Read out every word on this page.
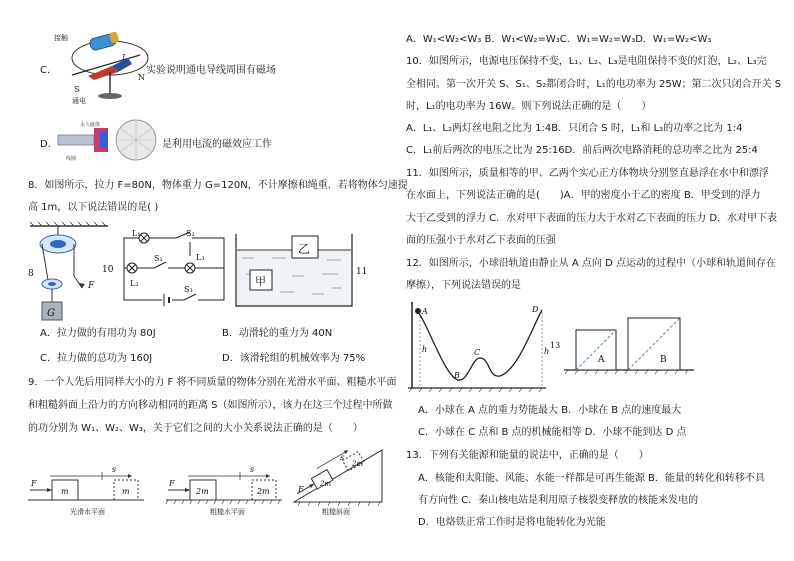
接触
I
S
通电
N
C．	实验说明通电导线周围有磁场
永久磁体
线圈
D．	是利用电流的磁效应工作
8．如图所示，拉力 F=80N，物体重力 G=120N，不计摩擦和绳重．若将物体匀速提
高 1m，以下说法错误的是( )
G
F
8
L₁	S₂
S₁	L₃
L₂
S₃
10
乙
甲
11
A．拉力做的有用功为 80J	B．动滑轮的重力为 40N
C．拉力做的总功为 160J	D．该滑轮组的机械效率为 75%
9．一个人先后用同样大小的力 F 将不同质量的物体分别在光滑水平面、粗糙水平面
和粗糙斜面上沿力的方向移动相同的距离 S（如图所示），该力在这三个过程中所做
的功分别为 W₁、W₂、W₃，关于它们之间的大小关系说法正确的是（　　）
F
s
m	m
光滑水平面
F
s
2m	2m
粗糙水平面
F
s
2m
2m
粗糙斜面
A．W₁<W₂<W₃ B．W₁<W₂=W₃C．W₁=W₂=W₃D．W₁=W₂<W₃
10．如图所示，电源电压保持不变，L₁、L₂、L₃是电阻保持不变的灯泡，L₂、L₃完
全相同。第一次开关 S、S₁、S₂都闭合时，L₁的电功率为 25W；第二次只闭合开关 S
时，L₁的电功率为 16W。则下列说法正确的是（　　）
A．L₁、L₂两灯丝电阻之比为 1:4B．只闭合 S 时，L₁和 L₃的功率之比为 1:4
C．L₁前后两次的电压之比为 25:16D．前后两次电路消耗的总功率之比为 25:4
11．如图所示，质量相等的甲、乙两个实心正方体物块分别竖直悬浮在水中和漂浮
在水面上，下列说法正确的是(　　)A．甲的密度小于乙的密度 B．甲受到的浮力
大于乙受到的浮力 C．水对甲下表面的压力大于水对乙下表面的压力 D．水对甲下表
面的压强小于水对乙下表面的压强
12．如图所示，小球沿轨道由静止从 A 点向 D 点运动的过程中（小球和轨道间存在
摩擦），下列说法错误的是
A
B
C
D
h	h
13
A	B
A．小球在 A 点的重力势能最大 B．小球在 B 点的速度最大
C．小球在 C 点和 B 点的机械能相等 D．小球不能到达 D 点
13．下列有关能源和能量的说法中，正确的是（　　）
A．核能和太阳能、风能、水能一样都是可再生能源 B．能量的转化和转移不具
有方向性 C．秦山核电站是利用原子核裂变释放的核能来发电的
D．电烙铁正常工作时是将电能转化为光能
